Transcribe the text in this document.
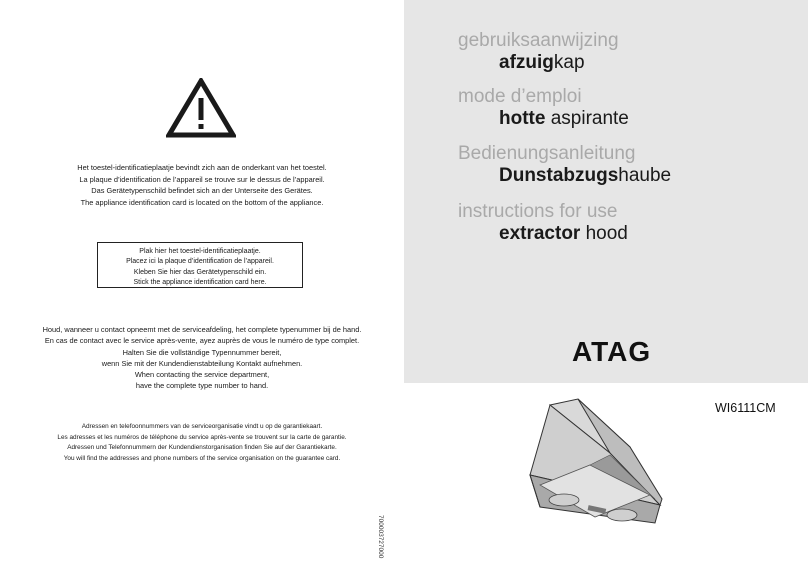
Het toestel-identificatieplaatje bevindt zich aan de onderkant van het toestel.
La plaque d’identification de l’appareil se trouve sur le dessus de l’appareil.
Das Gerätetypenschild befindet sich an der Unterseite des Gerätes.
The appliance identification card is located on the bottom of the appliance.
Plak hier het toestel-identificatieplaatje.
Placez ici la plaque d’identification de l’appareil.
Kleben Sie hier das Gerätetypenschild ein.
Stick the appliance identification card here.
Houd, wanneer u contact opneemt met de serviceafdeling, het complete typenummer bij de hand.
En cas de contact avec le service après-vente, ayez auprès de vous le numéro de type complet.
Halten Sie die vollständige Typennummer bereit,
wenn Sie mit der Kundendienstabteilung Kontakt aufnehmen.
When contacting the service department,
have the complete type number to hand.
Adressen en telefoonnummers van de serviceorganisatie vindt u op de garantiekaart.
Les adresses et les numéros de téléphone du service après-vente se trouvent sur la carte de garantie.
Adressen und Telefonnummern der Kundendienstorganisation finden Sie auf der Garantiekarte.
You will find the addresses and phone numbers of the service organisation on the guarantee card.
700003727000
gebruiksaanwijzing
afzuigkap
mode d’emploi
hotte aspirante
Bedienungsanleitung
Dunstabzugshaube
instructions for use
extractor hood
ATAG
WI6111CM
